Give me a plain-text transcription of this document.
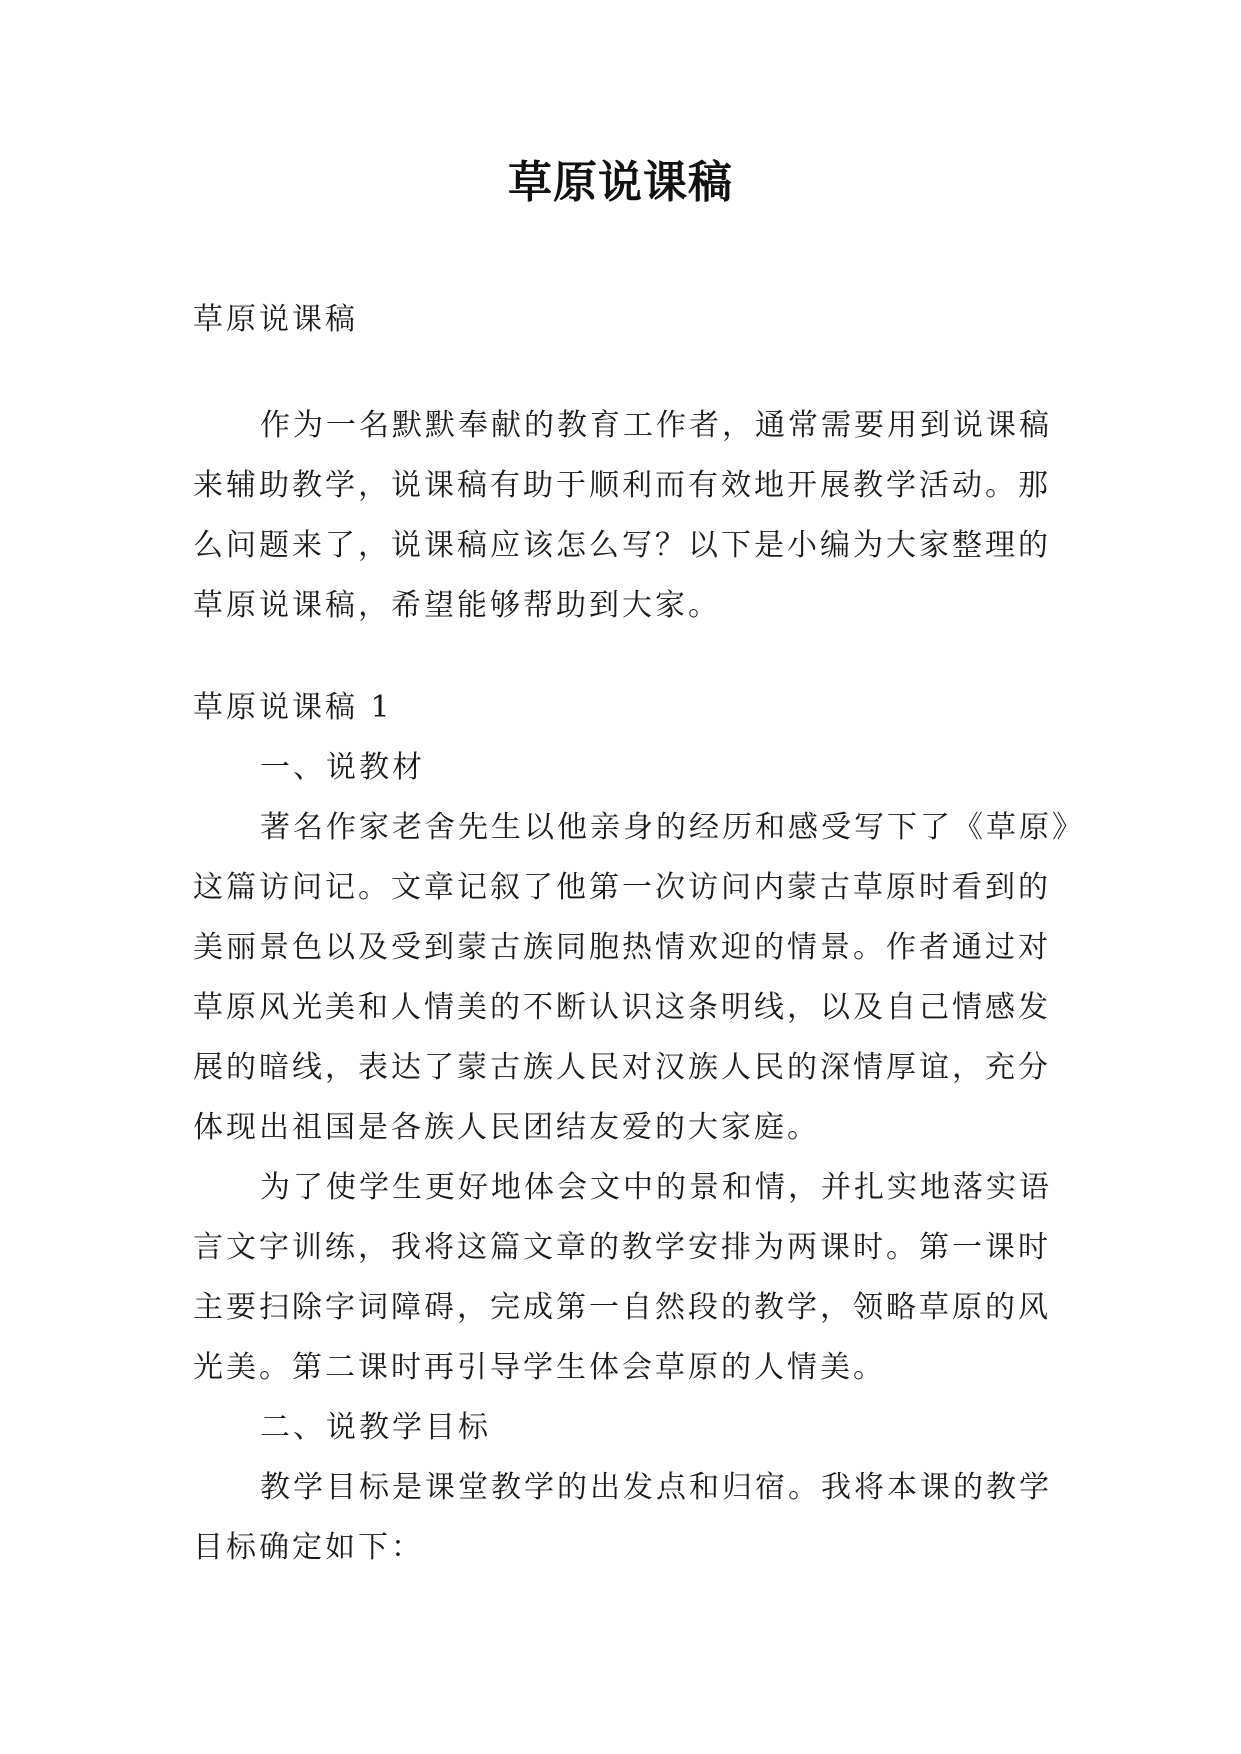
草原说课稿
草原说课稿
作为一名默默奉献的教育工作者，通常需要用到说课稿
来辅助教学，说课稿有助于顺利而有效地开展教学活动。那
么问题来了，说课稿应该怎么写？以下是小编为大家整理的
草原说课稿，希望能够帮助到大家。
草原说课稿 1
一、说教材
著名作家老舍先生以他亲身的经历和感受写下了《草原》
这篇访问记。文章记叙了他第一次访问内蒙古草原时看到的
美丽景色以及受到蒙古族同胞热情欢迎的情景。作者通过对
草原风光美和人情美的不断认识这条明线，以及自己情感发
展的暗线，表达了蒙古族人民对汉族人民的深情厚谊，充分
体现出祖国是各族人民团结友爱的大家庭。
为了使学生更好地体会文中的景和情，并扎实地落实语
言文字训练，我将这篇文章的教学安排为两课时。第一课时
主要扫除字词障碍，完成第一自然段的教学，领略草原的风
光美。第二课时再引导学生体会草原的人情美。
二、说教学目标
教学目标是课堂教学的出发点和归宿。我将本课的教学
目标确定如下：
